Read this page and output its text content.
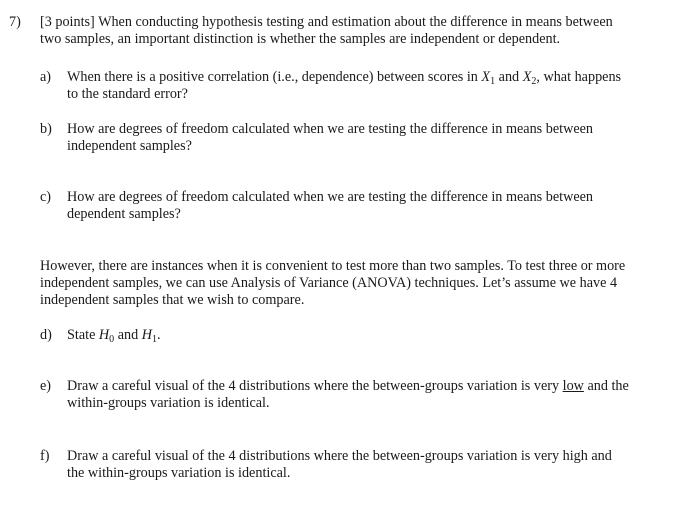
7) [3 points] When conducting hypothesis testing and estimation about the difference in means between
two samples, an important distinction is whether the samples are independent or dependent.
a)	When there is a positive correlation (i.e., dependence) between scores in $X_1$ and $X_2$, what happens
to the standard error?
b)	How are degrees of freedom calculated when we are testing the difference in means between
independent samples?
c)	How are degrees of freedom calculated when we are testing the difference in means between
dependent samples?
However, there are instances when it is convenient to test more than two samples. To test three or more
independent samples, we can use Analysis of Variance (ANOVA) techniques. Let’s assume we have 4
independent samples that we wish to compare.
d)	State $H_0$ and $H_1$.
e)	Draw a careful visual of the 4 distributions where the between-groups variation is very low and the
within-groups variation is identical.
f)	Draw a careful visual of the 4 distributions where the between-groups variation is very high and
the within-groups variation is identical.
